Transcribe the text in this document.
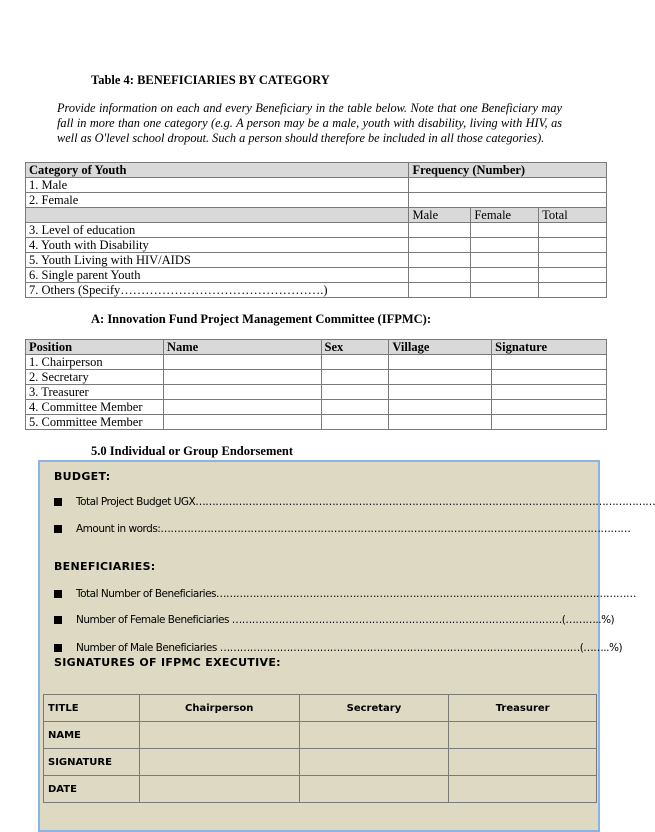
Table 4: BENEFICIARIES BY CATEGORY
Provide information on each and every Beneficiary in the table below. Note that one Beneficiary may fall in more than one category (e.g. A person may be a male, youth with disability, living with HIV, as well as O'level school dropout. Such a person should therefore be included in all those categories).
Category of Youth	Frequency (Number)		
1. Male			
2. Female			
	Male	Female	Total
3. Level of education			
4. Youth with Disability			
5. Youth Living with HIV/AIDS			
6. Single parent Youth			
7. Others (Specify………………………………………….)			
A: Innovation Fund Project Management Committee (IFPMC):
Position	Name	Sex	Village	Signature
1. Chairperson				
2. Secretary				
3. Treasurer				
4. Committee Member				
5. Committee Member				
5.0 Individual or Group Endorsement
BUDGET:
Total Project Budget UGX…………………………………………………………………………………………………………………………
Amount in words:……………………………………………………………………………………………………………………………
BENEFICIARIES:
Total Number of Beneficiaries………………………………………………………………………………………………………………
Number of Female Beneficiaries ………………………………………………………………………………………(………..%)
Number of Male Beneficiaries ………………………………………………………………………………………………(……..%)
SIGNATURES OF IFPMC EXECUTIVE:
TITLE	Chairperson	Secretary	Treasurer
NAME			
SIGNATURE			
DATE			
